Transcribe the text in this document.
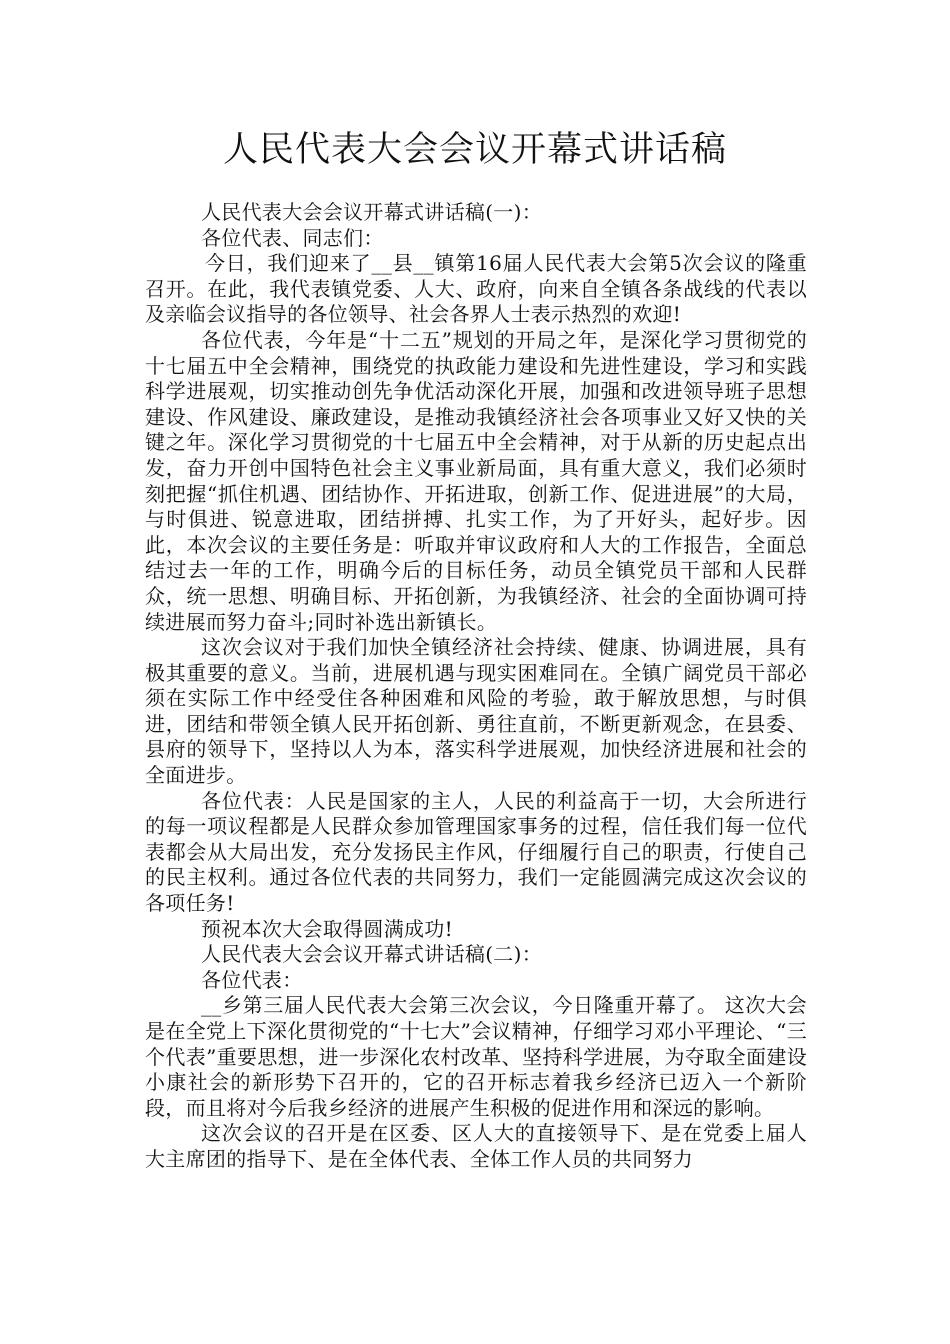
人民代表大会会议开幕式讲话稿

人民代表大会会议开幕式讲话稿(一)：

各位代表、同志们：

今日，我们迎来了__县__镇第16届人民代表大会第5次会议的隆重召开。在此，我代表镇党委、人大、政府，向来自全镇各条战线的代表以及亲临会议指导的各位领导、社会各界人士表示热烈的欢迎!

各位代表，今年是“十二五”规划的开局之年，是深化学习贯彻党的十七届五中全会精神，围绕党的执政能力建设和先进性建设，学习和实践科学进展观，切实推动创先争优活动深化开展，加强和改进领导班子思想建设、作风建设、廉政建设，是推动我镇经济社会各项事业又好又快的关键之年。深化学习贯彻党的十七届五中全会精神，对于从新的历史起点出发，奋力开创中国特色社会主义事业新局面，具有重大意义，我们必须时刻把握“抓住机遇、团结协作、开拓进取，创新工作、促进进展”的大局，与时俱进、锐意进取，团结拼搏、扎实工作，为了开好头，起好步。因此，本次会议的主要任务是：听取并审议政府和人大的工作报告，全面总结过去一年的工作，明确今后的目标任务，动员全镇党员干部和人民群众，统一思想、明确目标、开拓创新，为我镇经济、社会的全面协调可持续进展而努力奋斗;同时补选出新镇长。

这次会议对于我们加快全镇经济社会持续、健康、协调进展，具有极其重要的意义。当前，进展机遇与现实困难同在。全镇广阔党员干部必须在实际工作中经受住各种困难和风险的考验，敢于解放思想，与时俱进，团结和带领全镇人民开拓创新、勇往直前，不断更新观念，在县委、县府的领导下，坚持以人为本，落实科学进展观，加快经济进展和社会的全面进步。

各位代表：人民是国家的主人，人民的利益高于一切，大会所进行的每一项议程都是人民群众参加管理国家事务的过程，信任我们每一位代表都会从大局出发，充分发扬民主作风，仔细履行自己的职责，行使自己的民主权利。通过各位代表的共同努力，我们一定能圆满完成这次会议的各项任务!

预祝本次大会取得圆满成功!

人民代表大会会议开幕式讲话稿(二)：

各位代表：

__乡第三届人民代表大会第三次会议，今日隆重开幕了。 这次大会是在全党上下深化贯彻党的“十七大”会议精神，仔细学习邓小平理论、“三个代表”重要思想，进一步深化农村改革、坚持科学进展，为夺取全面建设小康社会的新形势下召开的，它的召开标志着我乡经济已迈入一个新阶段，而且将对今后我乡经济的进展产生积极的促进作用和深远的影响。

这次会议的召开是在区委、区人大的直接领导下、是在党委上届人大主席团的指导下、是在全体代表、全体工作人员的共同努力
